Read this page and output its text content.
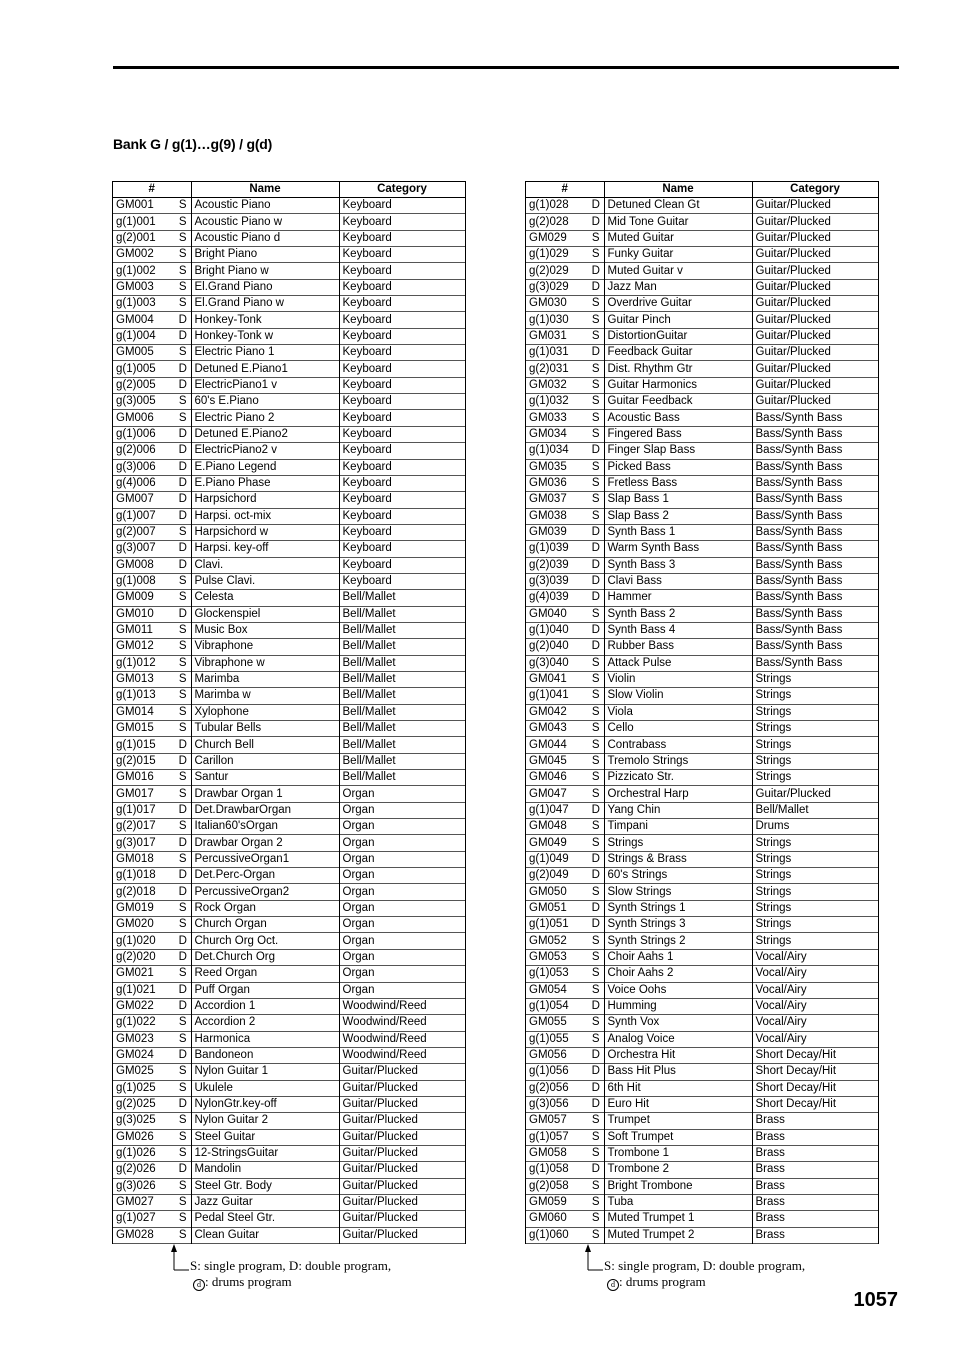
Bank G / g(1)…g(9) / g(d)
#		Name	Category
GM001	S	Acoustic Piano	Keyboard
g(1)001	S	Acoustic Piano w	Keyboard
g(2)001	S	Acoustic Piano d	Keyboard
GM002	S	Bright Piano	Keyboard
g(1)002	S	Bright Piano w	Keyboard
GM003	S	El.Grand Piano	Keyboard
g(1)003	S	El.Grand Piano w	Keyboard
GM004	D	Honkey-Tonk	Keyboard
g(1)004	D	Honkey-Tonk w	Keyboard
GM005	S	Electric Piano 1	Keyboard
g(1)005	D	Detuned E.Piano1	Keyboard
g(2)005	D	ElectricPiano1 v	Keyboard
g(3)005	S	60's E.Piano	Keyboard
GM006	S	Electric Piano 2	Keyboard
g(1)006	D	Detuned E.Piano2	Keyboard
g(2)006	D	ElectricPiano2 v	Keyboard
g(3)006	D	E.Piano Legend	Keyboard
g(4)006	D	E.Piano Phase	Keyboard
GM007	D	Harpsichord	Keyboard
g(1)007	D	Harpsi. oct-mix	Keyboard
g(2)007	S	Harpsichord w	Keyboard
g(3)007	D	Harpsi. key-off	Keyboard
GM008	D	Clavi.	Keyboard
g(1)008	S	Pulse Clavi.	Keyboard
GM009	S	Celesta	Bell/Mallet
GM010	D	Glockenspiel	Bell/Mallet
GM011	S	Music Box	Bell/Mallet
GM012	S	Vibraphone	Bell/Mallet
g(1)012	S	Vibraphone w	Bell/Mallet
GM013	S	Marimba	Bell/Mallet
g(1)013	S	Marimba w	Bell/Mallet
GM014	S	Xylophone	Bell/Mallet
GM015	S	Tubular Bells	Bell/Mallet
g(1)015	D	Church Bell	Bell/Mallet
g(2)015	D	Carillon	Bell/Mallet
GM016	S	Santur	Bell/Mallet
GM017	S	Drawbar Organ 1	Organ
g(1)017	D	Det.DrawbarOrgan	Organ
g(2)017	S	Italian60'sOrgan	Organ
g(3)017	D	Drawbar Organ 2	Organ
GM018	S	PercussiveOrgan1	Organ
g(1)018	D	Det.Perc-Organ	Organ
g(2)018	D	PercussiveOrgan2	Organ
GM019	S	Rock Organ	Organ
GM020	S	Church Organ	Organ
g(1)020	D	Church Org Oct.	Organ
g(2)020	D	Det.Church Org	Organ
GM021	S	Reed Organ	Organ
g(1)021	D	Puff Organ	Organ
GM022	D	Accordion 1	Woodwind/Reed
g(1)022	S	Accordion 2	Woodwind/Reed
GM023	S	Harmonica	Woodwind/Reed
GM024	D	Bandoneon	Woodwind/Reed
GM025	S	Nylon Guitar 1	Guitar/Plucked
g(1)025	S	Ukulele	Guitar/Plucked
g(2)025	D	NylonGtr.key-off	Guitar/Plucked
g(3)025	S	Nylon Guitar 2	Guitar/Plucked
GM026	S	Steel Guitar	Guitar/Plucked
g(1)026	S	12-StringsGuitar	Guitar/Plucked
g(2)026	D	Mandolin	Guitar/Plucked
g(3)026	S	Steel Gtr. Body	Guitar/Plucked
GM027	S	Jazz Guitar	Guitar/Plucked
g(1)027	S	Pedal Steel Gtr.	Guitar/Plucked
GM028	S	Clean Guitar	Guitar/Plucked
#		Name	Category
g(1)028	D	Detuned Clean Gt	Guitar/Plucked
g(2)028	D	Mid Tone Guitar	Guitar/Plucked
GM029	S	Muted Guitar	Guitar/Plucked
g(1)029	S	Funky Guitar	Guitar/Plucked
g(2)029	D	Muted Guitar v	Guitar/Plucked
g(3)029	D	Jazz Man	Guitar/Plucked
GM030	S	Overdrive Guitar	Guitar/Plucked
g(1)030	S	Guitar Pinch	Guitar/Plucked
GM031	S	DistortionGuitar	Guitar/Plucked
g(1)031	D	Feedback Guitar	Guitar/Plucked
g(2)031	S	Dist. Rhythm Gtr	Guitar/Plucked
GM032	S	Guitar Harmonics	Guitar/Plucked
g(1)032	S	Guitar Feedback	Guitar/Plucked
GM033	S	Acoustic Bass	Bass/Synth Bass
GM034	S	Fingered Bass	Bass/Synth Bass
g(1)034	D	Finger Slap Bass	Bass/Synth Bass
GM035	S	Picked Bass	Bass/Synth Bass
GM036	S	Fretless Bass	Bass/Synth Bass
GM037	S	Slap Bass 1	Bass/Synth Bass
GM038	S	Slap Bass 2	Bass/Synth Bass
GM039	D	Synth Bass 1	Bass/Synth Bass
g(1)039	D	Warm Synth Bass	Bass/Synth Bass
g(2)039	D	Synth Bass 3	Bass/Synth Bass
g(3)039	D	Clavi Bass	Bass/Synth Bass
g(4)039	D	Hammer	Bass/Synth Bass
GM040	S	Synth Bass 2	Bass/Synth Bass
g(1)040	D	Synth Bass 4	Bass/Synth Bass
g(2)040	D	Rubber Bass	Bass/Synth Bass
g(3)040	S	Attack Pulse	Bass/Synth Bass
GM041	S	Violin	Strings
g(1)041	S	Slow Violin	Strings
GM042	S	Viola	Strings
GM043	S	Cello	Strings
GM044	S	Contrabass	Strings
GM045	S	Tremolo Strings	Strings
GM046	S	Pizzicato Str.	Strings
GM047	S	Orchestral Harp	Guitar/Plucked
g(1)047	D	Yang Chin	Bell/Mallet
GM048	S	Timpani	Drums
GM049	S	Strings	Strings
g(1)049	D	Strings & Brass	Strings
g(2)049	D	60's Strings	Strings
GM050	S	Slow Strings	Strings
GM051	D	Synth Strings 1	Strings
g(1)051	D	Synth Strings 3	Strings
GM052	S	Synth Strings 2	Strings
GM053	S	Choir Aahs 1	Vocal/Airy
g(1)053	S	Choir Aahs 2	Vocal/Airy
GM054	S	Voice Oohs	Vocal/Airy
g(1)054	D	Humming	Vocal/Airy
GM055	S	Synth Vox	Vocal/Airy
g(1)055	S	Analog Voice	Vocal/Airy
GM056	D	Orchestra Hit	Short Decay/Hit
g(1)056	D	Bass Hit Plus	Short Decay/Hit
g(2)056	D	6th Hit	Short Decay/Hit
g(3)056	D	Euro Hit	Short Decay/Hit
GM057	S	Trumpet	Brass
g(1)057	S	Soft Trumpet	Brass
GM058	S	Trombone 1	Brass
g(1)058	D	Trombone 2	Brass
g(2)058	S	Bright Trombone	Brass
GM059	S	Tuba	Brass
GM060	S	Muted Trumpet 1	Brass
g(1)060	S	Muted Trumpet 2	Brass
S: single program, D: double program,
d : drums program
S: single program, D: double program,
d : drums program
1057
